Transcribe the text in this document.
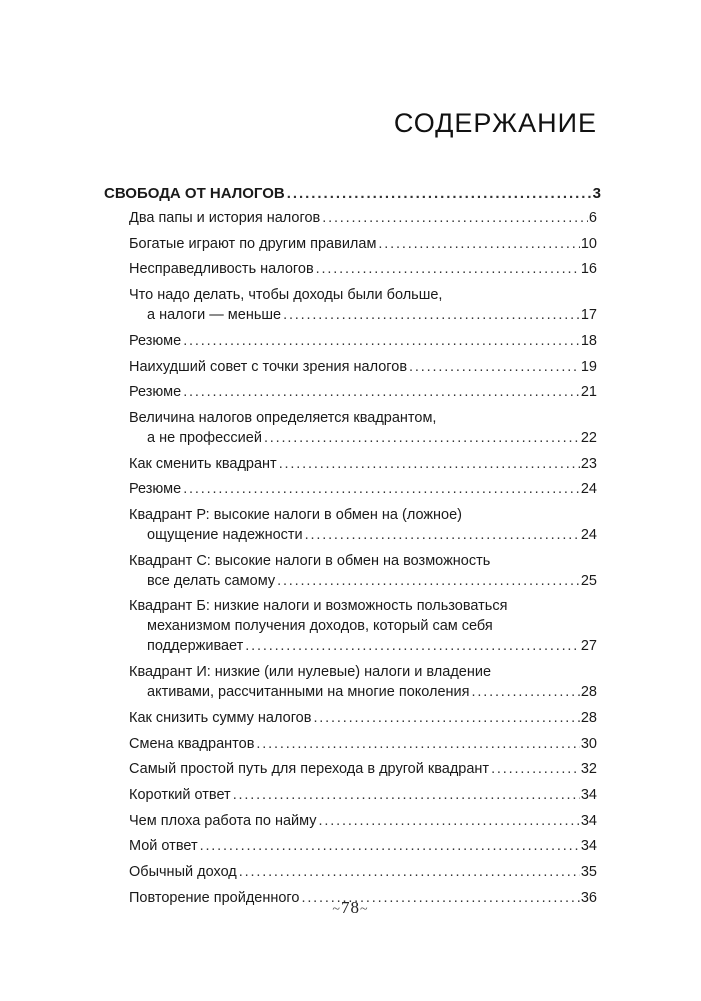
СОДЕРЖАНИЕ
СВОБОДА ОТ НАЛОГОВ . . .	3
Два папы и история налогов . . .	6
Богатые играют по другим правилам . . .	10
Несправедливость налогов . . .	16
Что надо делать, чтобы доходы были больше,
а налоги — меньше . . .	17
Резюме . . .	18
Наихудший совет с точки зрения налогов . . .	19
Резюме . . .	21
Величина налогов определяется квадрантом,
а не профессией . . .	22
Как сменить квадрант . . .	23
Резюме . . .	24
Квадрант Р: высокие налоги в обмен на (ложное)
ощущение надежности . . .	24
Квадрант С: высокие налоги в обмен на возможность
все делать самому . . .	25
Квадрант Б: низкие налоги и возможность пользоваться
механизмом получения доходов, который сам себя
поддерживает . . .	27
Квадрант И: низкие (или нулевые) налоги и владение
активами, рассчитанными на многие поколения . . .	28
Как снизить сумму налогов . . .	28
Смена квадрантов . . .	30
Самый простой путь для перехода в другой квадрант . . .	32
Короткий ответ . . .	34
Чем плоха работа по найму . . .	34
Мой ответ . . .	34
Обычный доход . . .	35
Повторение пройденного . . .	36
~78~
